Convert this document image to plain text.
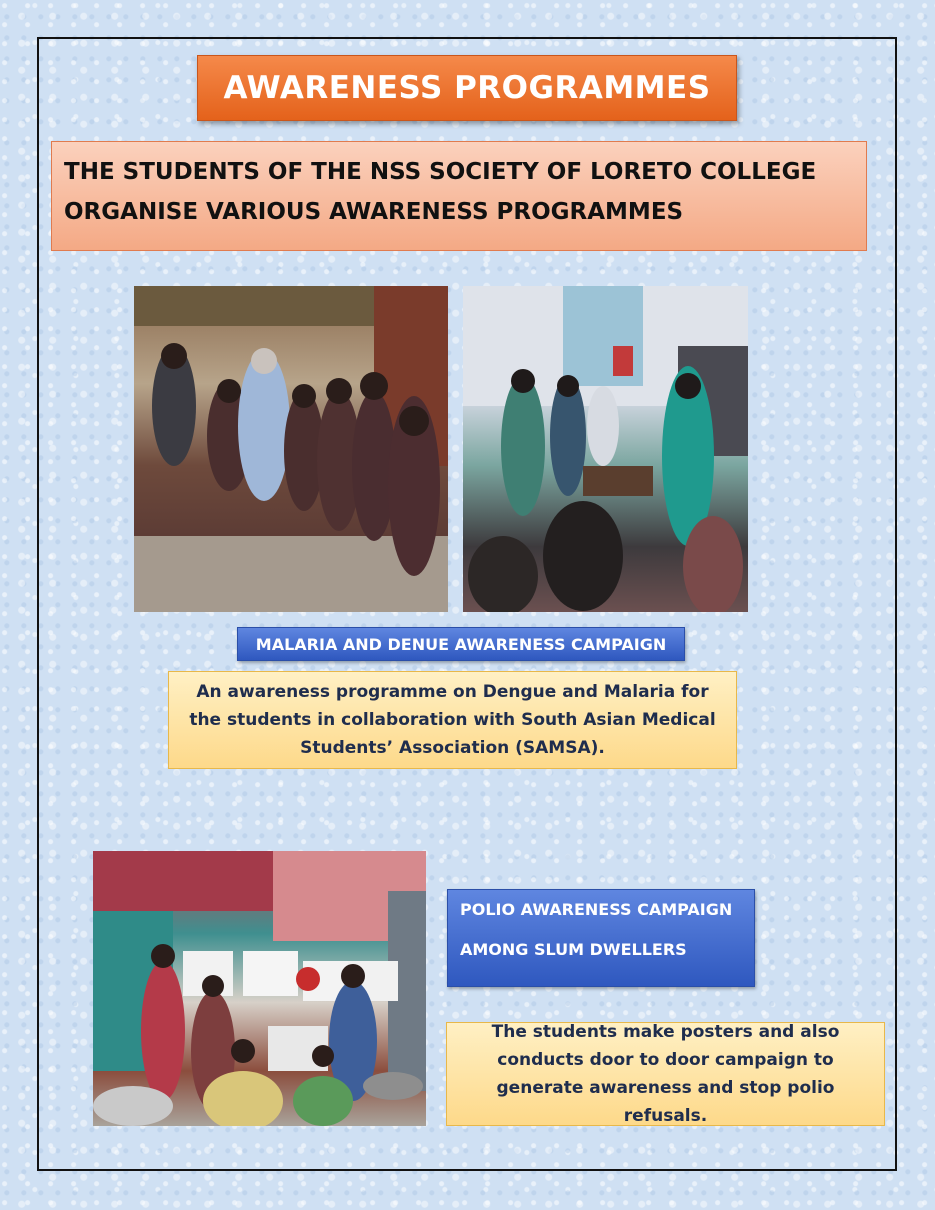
AWARENESS PROGRAMMES
THE STUDENTS OF THE NSS SOCIETY OF LORETO COLLEGE
ORGANISE VARIOUS AWARENESS PROGRAMMES
MALARIA AND DENUE AWARENESS CAMPAIGN
An awareness programme on Dengue and Malaria for the students in collaboration with South Asian Medical Students’ Association (SAMSA).
POLIO AWARENESS CAMPAIGN
AMONG SLUM DWELLERS
The students make posters and also conducts door to door campaign to generate awareness and stop polio refusals.
